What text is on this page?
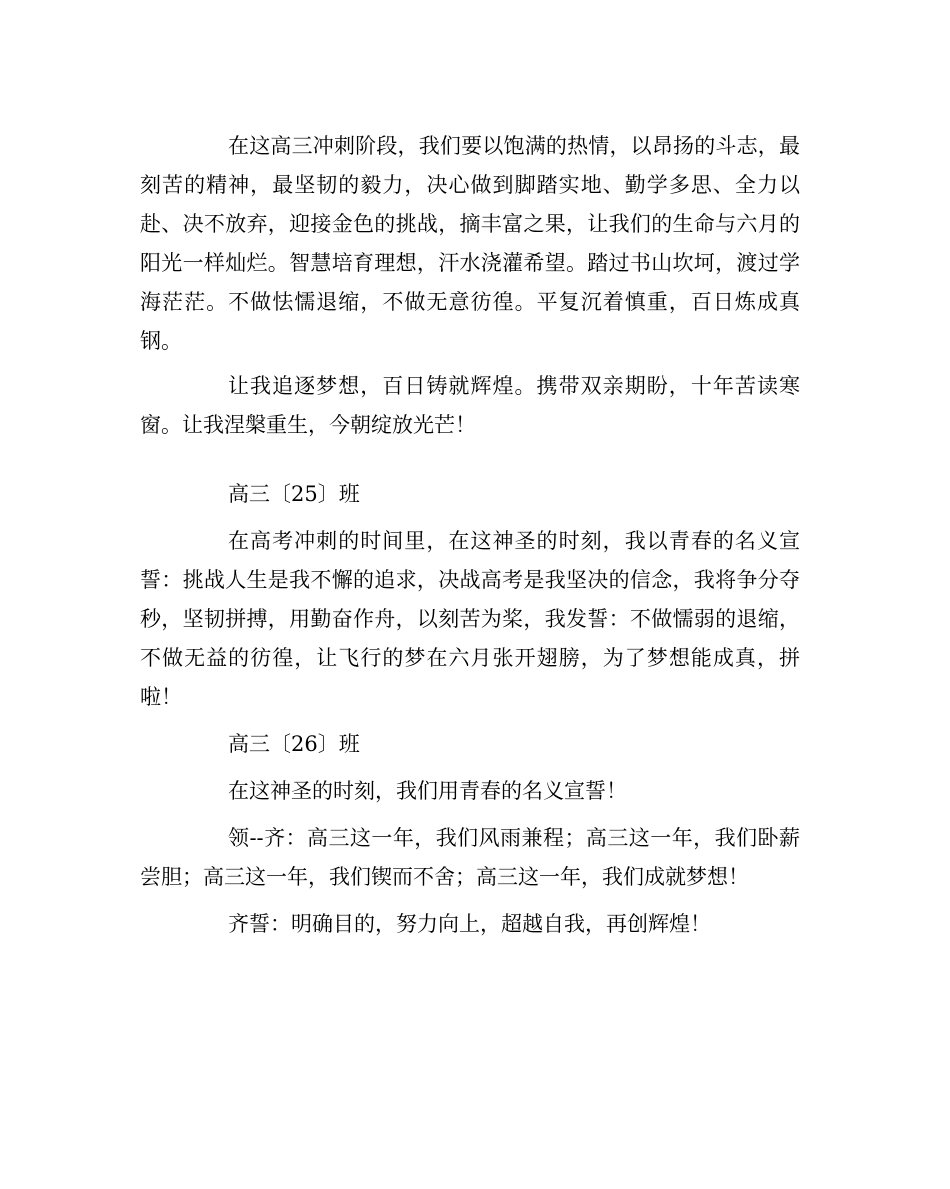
在这高三冲刺阶段，我们要以饱满的热情，以昂扬的斗志，最刻苦的精神，最坚韧的毅力，决心做到脚踏实地、勤学多思、全力以赴、决不放弃，迎接金色的挑战，摘丰富之果，让我们的生命与六月的阳光一样灿烂。智慧培育理想，汗水浇灌希望。踏过书山坎坷，渡过学海茫茫。不做怯懦退缩，不做无意彷徨。平复沉着慎重，百日炼成真钢。

让我追逐梦想，百日铸就辉煌。携带双亲期盼，十年苦读寒窗。让我涅槃重生，今朝绽放光芒！

高三〔25〕班

在高考冲刺的时间里，在这神圣的时刻，我以青春的名义宣誓：挑战人生是我不懈的追求，决战高考是我坚决的信念，我将争分夺秒，坚韧拼搏，用勤奋作舟，以刻苦为桨，我发誓：不做懦弱的退缩，不做无益的彷徨，让飞行的梦在六月张开翅膀，为了梦想能成真，拼啦！

高三〔26〕班

在这神圣的时刻，我们用青春的名义宣誓！

领--齐：高三这一年，我们风雨兼程；高三这一年，我们卧薪尝胆；高三这一年，我们锲而不舍；高三这一年，我们成就梦想！

齐誓：明确目的，努力向上，超越自我，再创辉煌！
